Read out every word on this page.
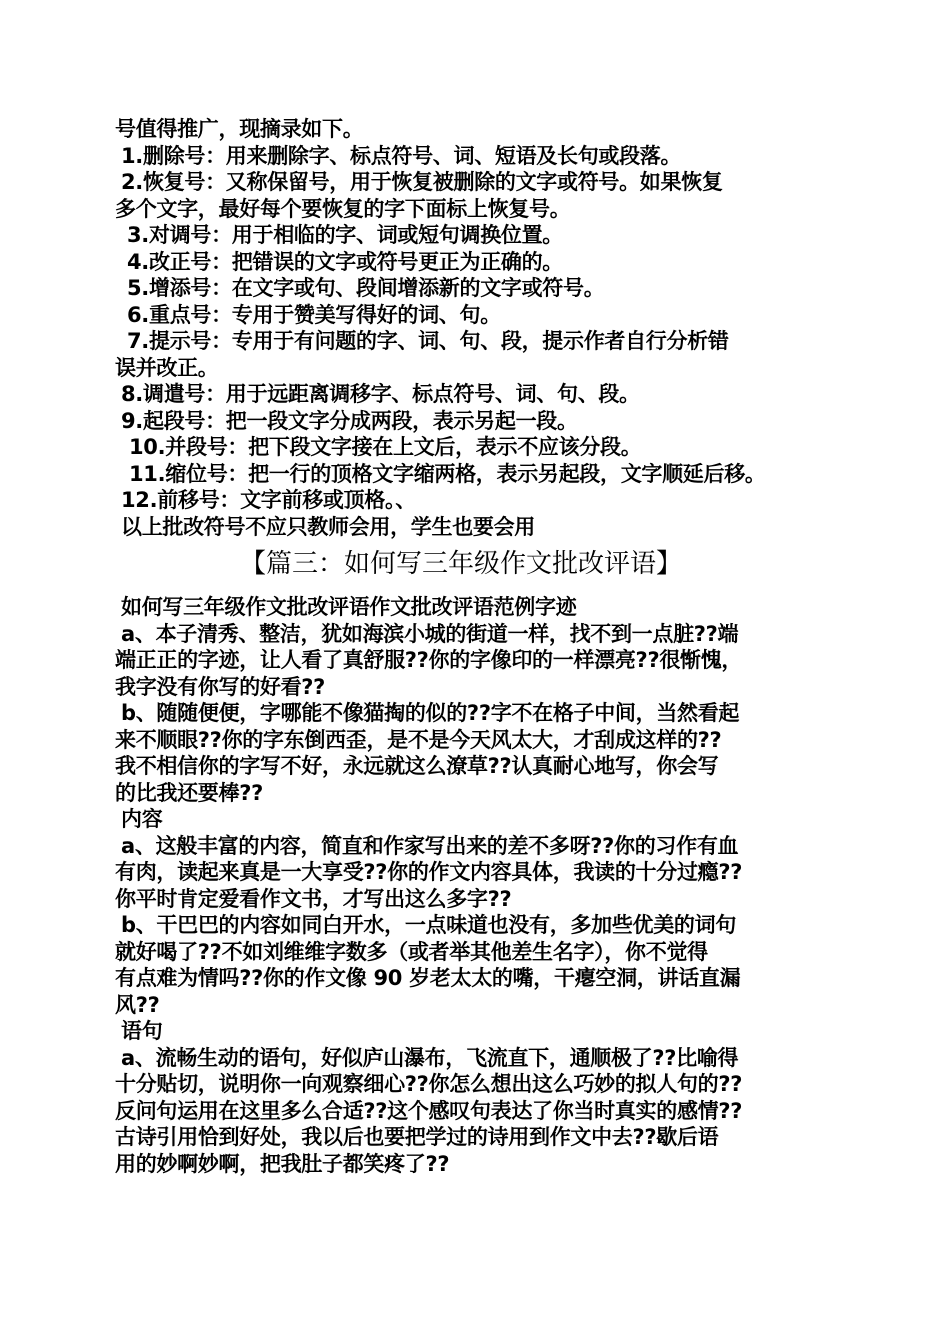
号值得推广，现摘录如下。
1.删除号：用来删除字、标点符号、词、短语及长句或段落。
2.恢复号：又称保留号，用于恢复被删除的文字或符号。如果恢复
多个文字，最好每个要恢复的字下面标上恢复号。
3.对调号：用于相临的字、词或短句调换位置。
4.改正号：把错误的文字或符号更正为正确的。
5.增添号：在文字或句、段间增添新的文字或符号。
6.重点号：专用于赞美写得好的词、句。
7.提示号：专用于有问题的字、词、句、段，提示作者自行分析错
误并改正。
8.调遣号：用于远距离调移字、标点符号、词、句、段。
9.起段号：把一段文字分成两段，表示另起一段。
10.并段号：把下段文字接在上文后，表示不应该分段。
11.缩位号：把一行的顶格文字缩两格，表示另起段，文字顺延后移。
12.前移号：文字前移或顶格。、
以上批改符号不应只教师会用，学生也要会用
【篇三：如何写三年级作文批改评语】
如何写三年级作文批改评语作文批改评语范例字迹
a、本子清秀、整洁，犹如海滨小城的街道一样，找不到一点脏??端
端正正的字迹，让人看了真舒服??你的字像印的一样漂亮??很惭愧，
我字没有你写的好看??
b、随随便便，字哪能不像猫掏的似的??字不在格子中间，当然看起
来不顺眼??你的字东倒西歪，是不是今天风太大，才刮成这样的??
我不相信你的字写不好，永远就这么潦草??认真耐心地写，你会写
的比我还要棒??
内容
a、这般丰富的内容，简直和作家写出来的差不多呀??你的习作有血
有肉，读起来真是一大享受??你的作文内容具体，我读的十分过瘾??
你平时肯定爱看作文书，才写出这么多字??
b、干巴巴的内容如同白开水，一点味道也没有，多加些优美的词句
就好喝了??不如刘维维字数多（或者举其他差生名字），你不觉得
有点难为情吗??你的作文像 90 岁老太太的嘴，干瘪空洞，讲话直漏
风??
语句
a、流畅生动的语句，好似庐山瀑布，飞流直下，通顺极了??比喻得
十分贴切，说明你一向观察细心??你怎么想出这么巧妙的拟人句的??
反问句运用在这里多么合适??这个感叹句表达了你当时真实的感情??
古诗引用恰到好处，我以后也要把学过的诗用到作文中去??歇后语
用的妙啊妙啊，把我肚子都笑疼了??
